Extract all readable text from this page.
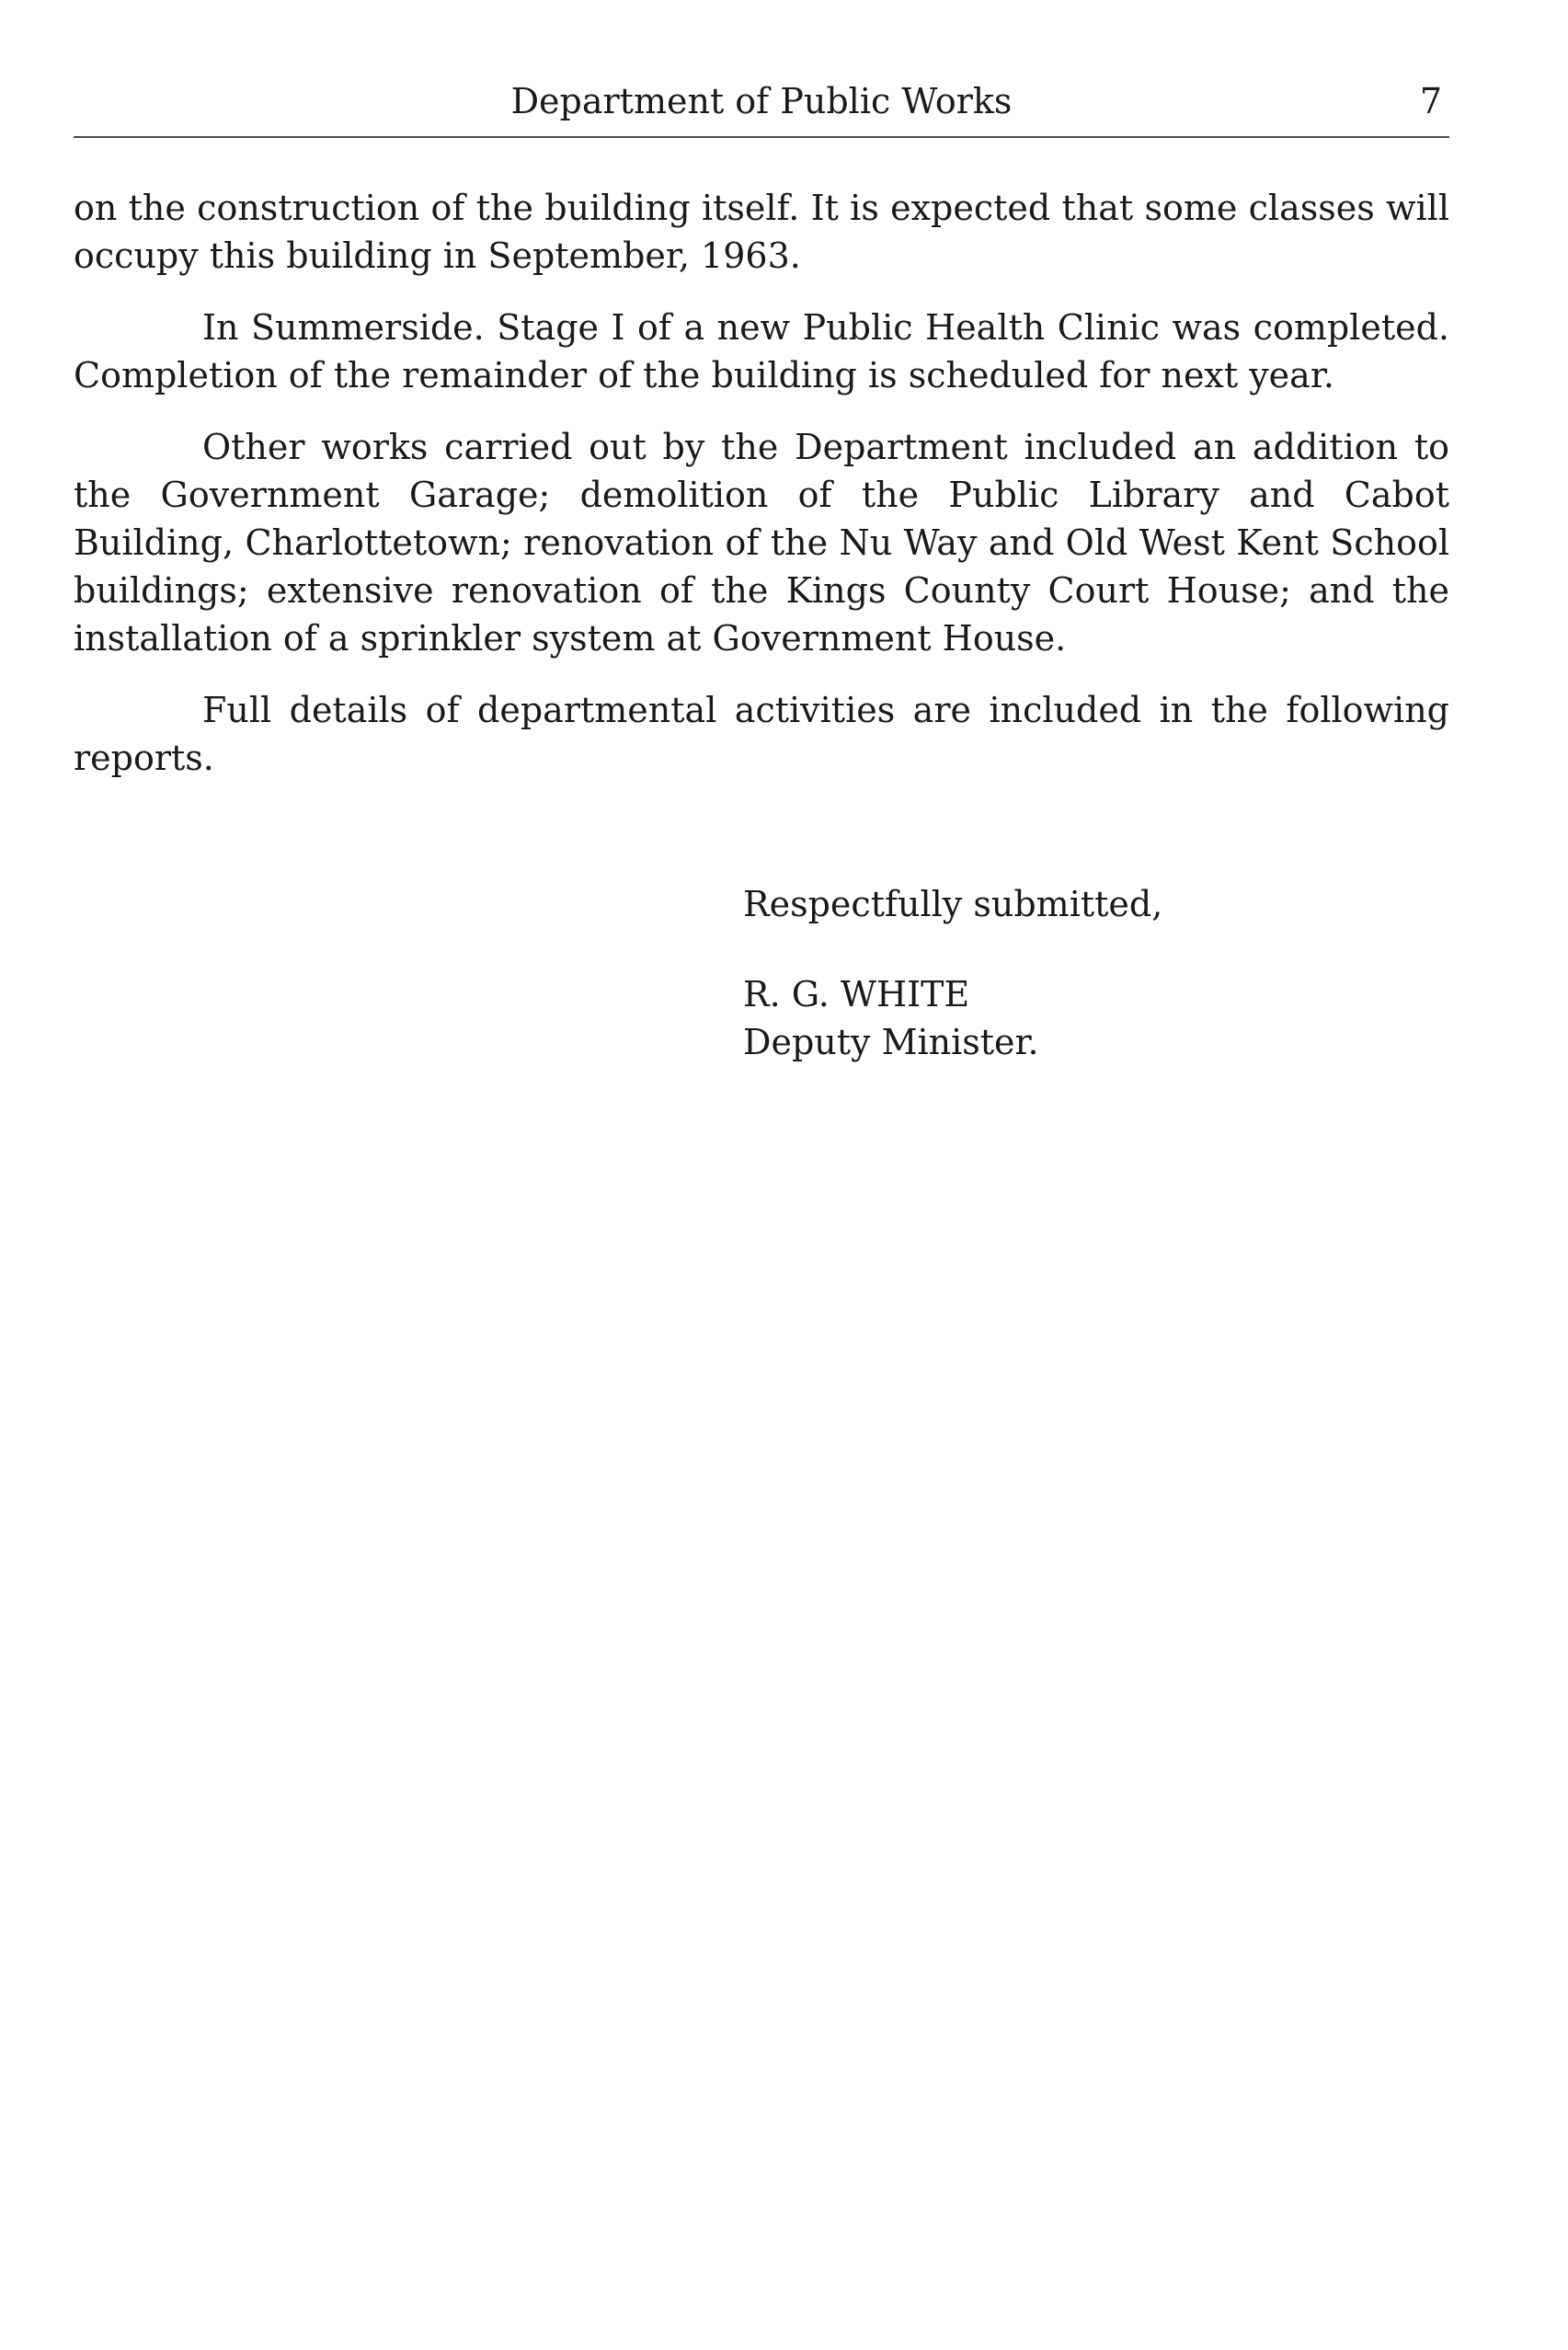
Department of Public Works	7

on the construction of the building itself. It is expected that some classes will occupy this building in September, 1963.

In Summerside. Stage I of a new Public Health Clinic was completed. Completion of the remainder of the building is scheduled for next year.

Other works carried out by the Department included an addition to the Government Garage; demolition of the Public Library and Cabot Building, Charlottetown; renovation of the Nu Way and Old West Kent School buildings; extensive renovation of the Kings County Court House; and the installation of a sprinkler system at Government House.

Full details of departmental activities are included in the following reports.

Respectfully submitted,
R. G. WHITE
Deputy Minister.
